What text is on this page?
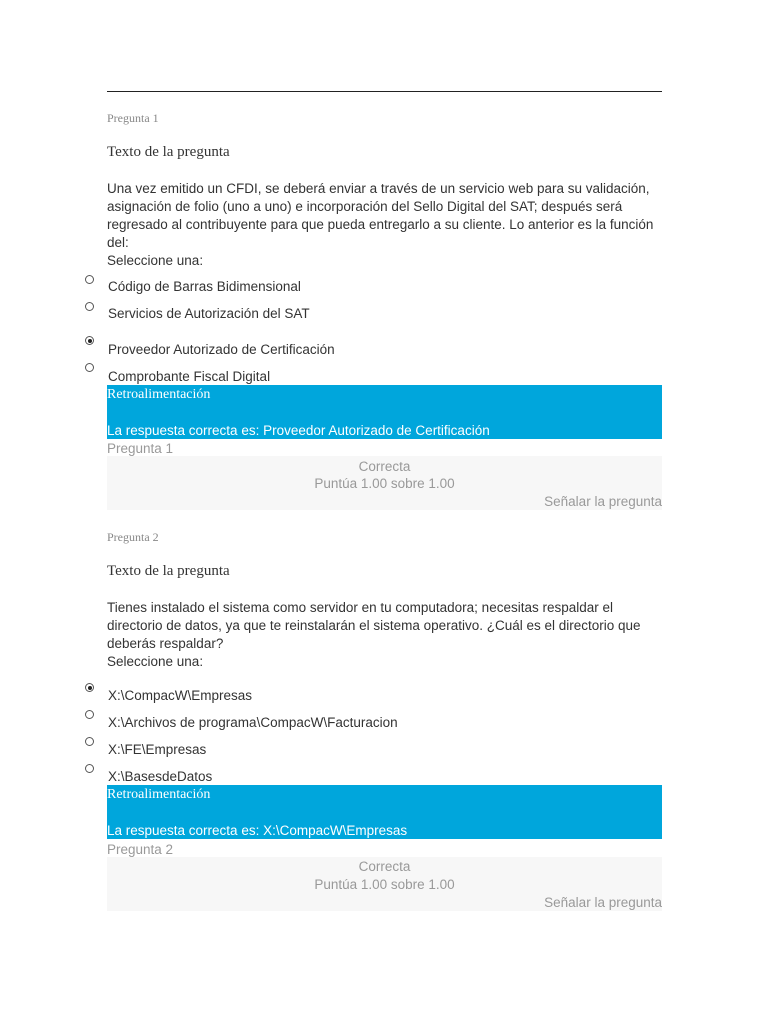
Pregunta 1
Texto de la pregunta
Una vez emitido un CFDI, se deberá enviar a través de un servicio web para su validación, asignación de folio (uno a uno) e incorporación del Sello Digital del SAT; después será regresado al contribuyente para que pueda entregarlo a su cliente. Lo anterior es la función del:
Seleccione una:
Código de Barras Bidimensional
Servicios de Autorización del SAT
Proveedor Autorizado de Certificación
Comprobante Fiscal Digital
Retroalimentación
La respuesta correcta es: Proveedor Autorizado de Certificación
Pregunta 1
Correcta
Puntúa 1.00 sobre 1.00
Señalar la pregunta
Pregunta 2
Texto de la pregunta
Tienes instalado el sistema como servidor en tu computadora; necesitas respaldar el directorio de datos, ya que te reinstalarán el sistema operativo. ¿Cuál es el directorio que deberás respaldar?
Seleccione una:
X:\CompacW\Empresas
X:\Archivos de programa\CompacW\Facturacion
X:\FE\Empresas
X:\BasesdeDatos
Retroalimentación
La respuesta correcta es: X:\CompacW\Empresas
Pregunta 2
Correcta
Puntúa 1.00 sobre 1.00
Señalar la pregunta
